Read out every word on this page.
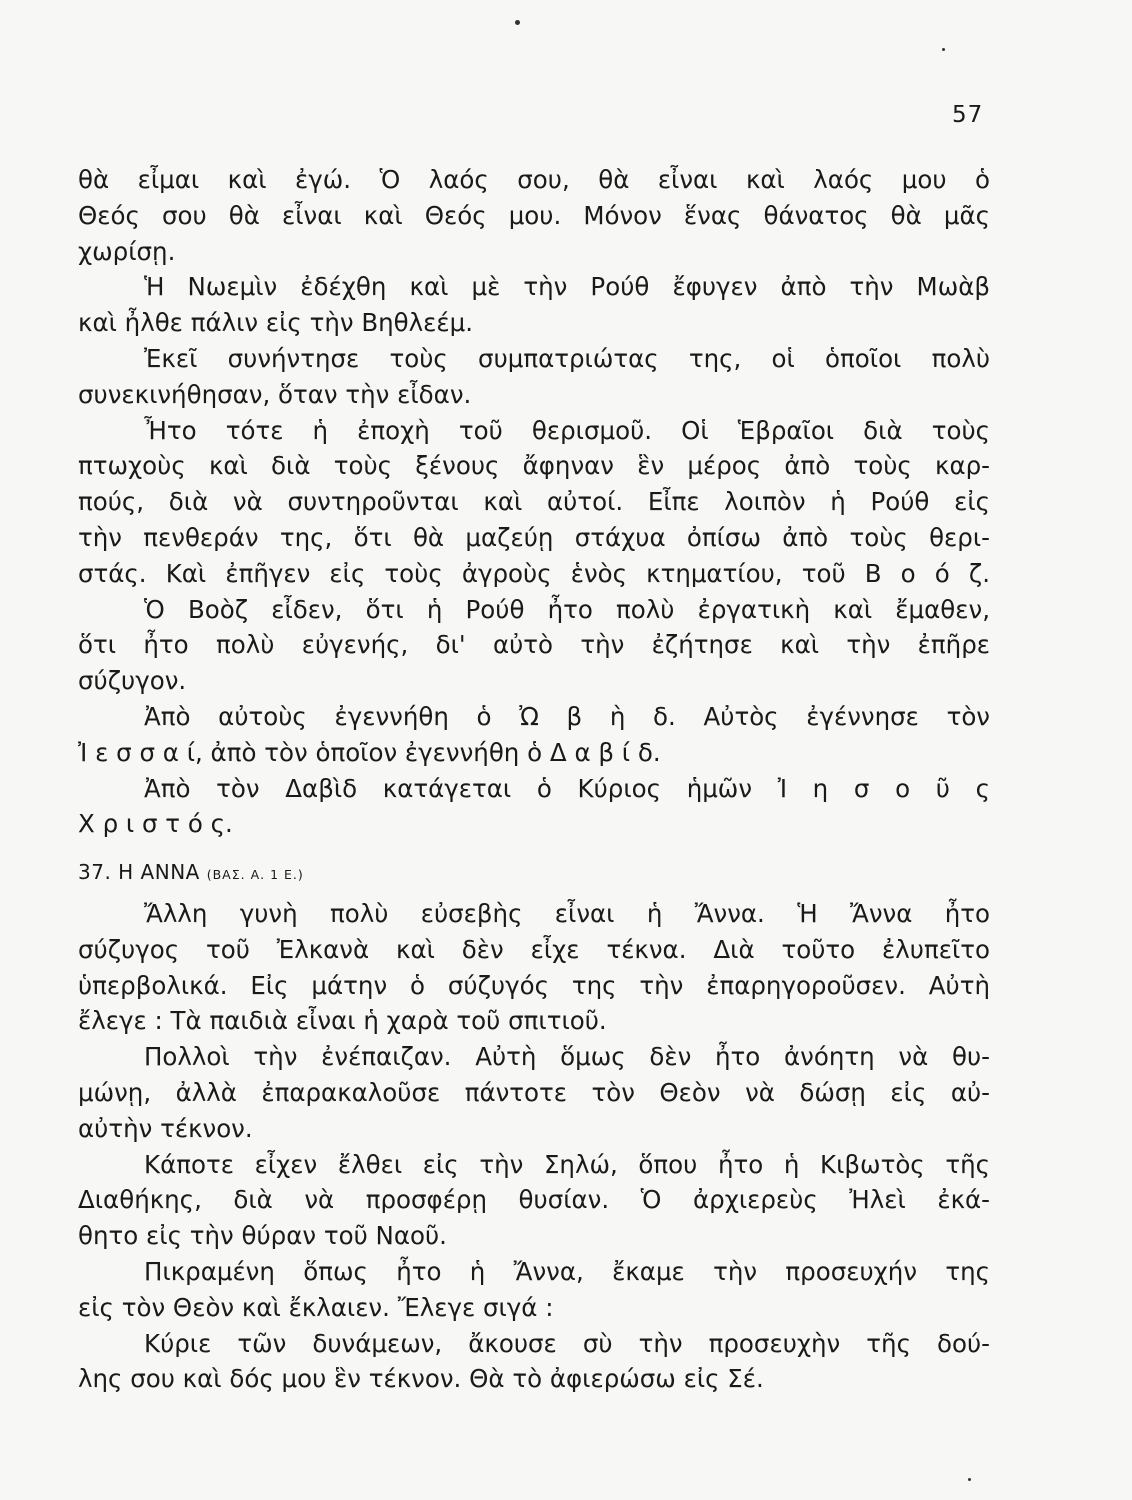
57
θὰ εἶμαι καὶ ἐγώ. Ὁ λαός σου, θὰ εἶναι καὶ λαός μου ὁ
Θεός σου θὰ εἶναι καὶ Θεός μου. Μόνον ἕνας θάνατος θὰ μᾶς
χωρίσῃ.
Ἡ Νωεμὶν ἐδέχθη καὶ μὲ τὴν Ρούθ ἔφυγεν ἀπὸ τὴν Μωὰβ
καὶ ἦλθε πάλιν εἰς τὴν Βηθλεέμ.
Ἐκεῖ συνήντησε τοὺς συμπατριώτας της, οἱ ὁποῖοι πολὺ
συνεκινήθησαν, ὅταν τὴν εἶδαν.
Ἦτο τότε ἡ ἐποχὴ τοῦ θερισμοῦ. Οἱ Ἑβραῖοι διὰ τοὺς
πτωχοὺς καὶ διὰ τοὺς ξένους ἄφηναν ἓν μέρος ἀπὸ τοὺς καρ-
πούς, διὰ νὰ συντηροῦνται καὶ αὐτοί. Εἶπε λοιπὸν ἡ Ρούθ εἰς
τὴν πενθεράν της, ὅτι θὰ μαζεύῃ στάχυα ὀπίσω ἀπὸ τοὺς θερι-
στάς. Καὶ ἐπῆγεν εἰς τοὺς ἀγροὺς ἑνὸς κτηματίου, τοῦ Β ο ό ζ.
Ὁ Βοὸζ εἶδεν, ὅτι ἡ Ρούθ ἦτο πολὺ ἐργατικὴ καὶ ἔμαθεν,
ὅτι ἦτο πολὺ εὐγενής, δι' αὐτὸ τὴν ἐζήτησε καὶ τὴν ἐπῆρε
σύζυγον.
Ἀπὸ αὐτοὺς ἐγεννήθη ὁ Ὠ β ὴ δ. Αὐτὸς ἐγέννησε τὸν
Ἰ ε σ σ α ί, ἀπὸ τὸν ὁποῖον ἐγεννήθη ὁ Δ α β ί δ.
Ἀπὸ τὸν Δαβὶδ κατάγεται ὁ Κύριος ἡμῶν Ἰ η σ ο ῦ ς
Χ ρ ι σ τ ό ς.
37. Η ΑΝΝΑ (ΒΑΣ. Α. 1 Ε.)
Ἄλλη γυνὴ πολὺ εὐσεβὴς εἶναι ἡ Ἄννα. Ἡ Ἄννα ἦτο
σύζυγος τοῦ Ἐλκανὰ καὶ δὲν εἶχε τέκνα. Διὰ τοῦτο ἐλυπεῖτο
ὑπερβολικά. Εἰς μάτην ὁ σύζυγός της τὴν ἐπαρηγοροῦσεν. Αὐτὴ
ἔλεγε : Τὰ παιδιὰ εἶναι ἡ χαρὰ τοῦ σπιτιοῦ.
Πολλοὶ τὴν ἐνέπαιζαν. Αὐτὴ ὅμως δὲν ἦτο ἀνόητη νὰ θυ-
μώνῃ, ἀλλὰ ἐπαρακαλοῦσε πάντοτε τὸν Θεὸν νὰ δώσῃ εἰς αὐ-
αὐτὴν τέκνον.
Κάποτε εἶχεν ἔλθει εἰς τὴν Σηλώ, ὅπου ἦτο ἡ Κιβωτὸς τῆς
Διαθήκης, διὰ νὰ προσφέρῃ θυσίαν. Ὁ ἀρχιερεὺς Ἠλεὶ ἐκά-
θητο εἰς τὴν θύραν τοῦ Ναοῦ.
Πικραμένη ὅπως ἦτο ἡ Ἄννα, ἔκαμε τὴν προσευχήν της
εἰς τὸν Θεὸν καὶ ἔκλαιεν. Ἔλεγε σιγά :
Κύριε τῶν δυνάμεων, ἄκουσε σὺ τὴν προσευχὴν τῆς δού-
λης σου καὶ δός μου ἓν τέκνον. Θὰ τὸ ἀφιερώσω εἰς Σέ.
